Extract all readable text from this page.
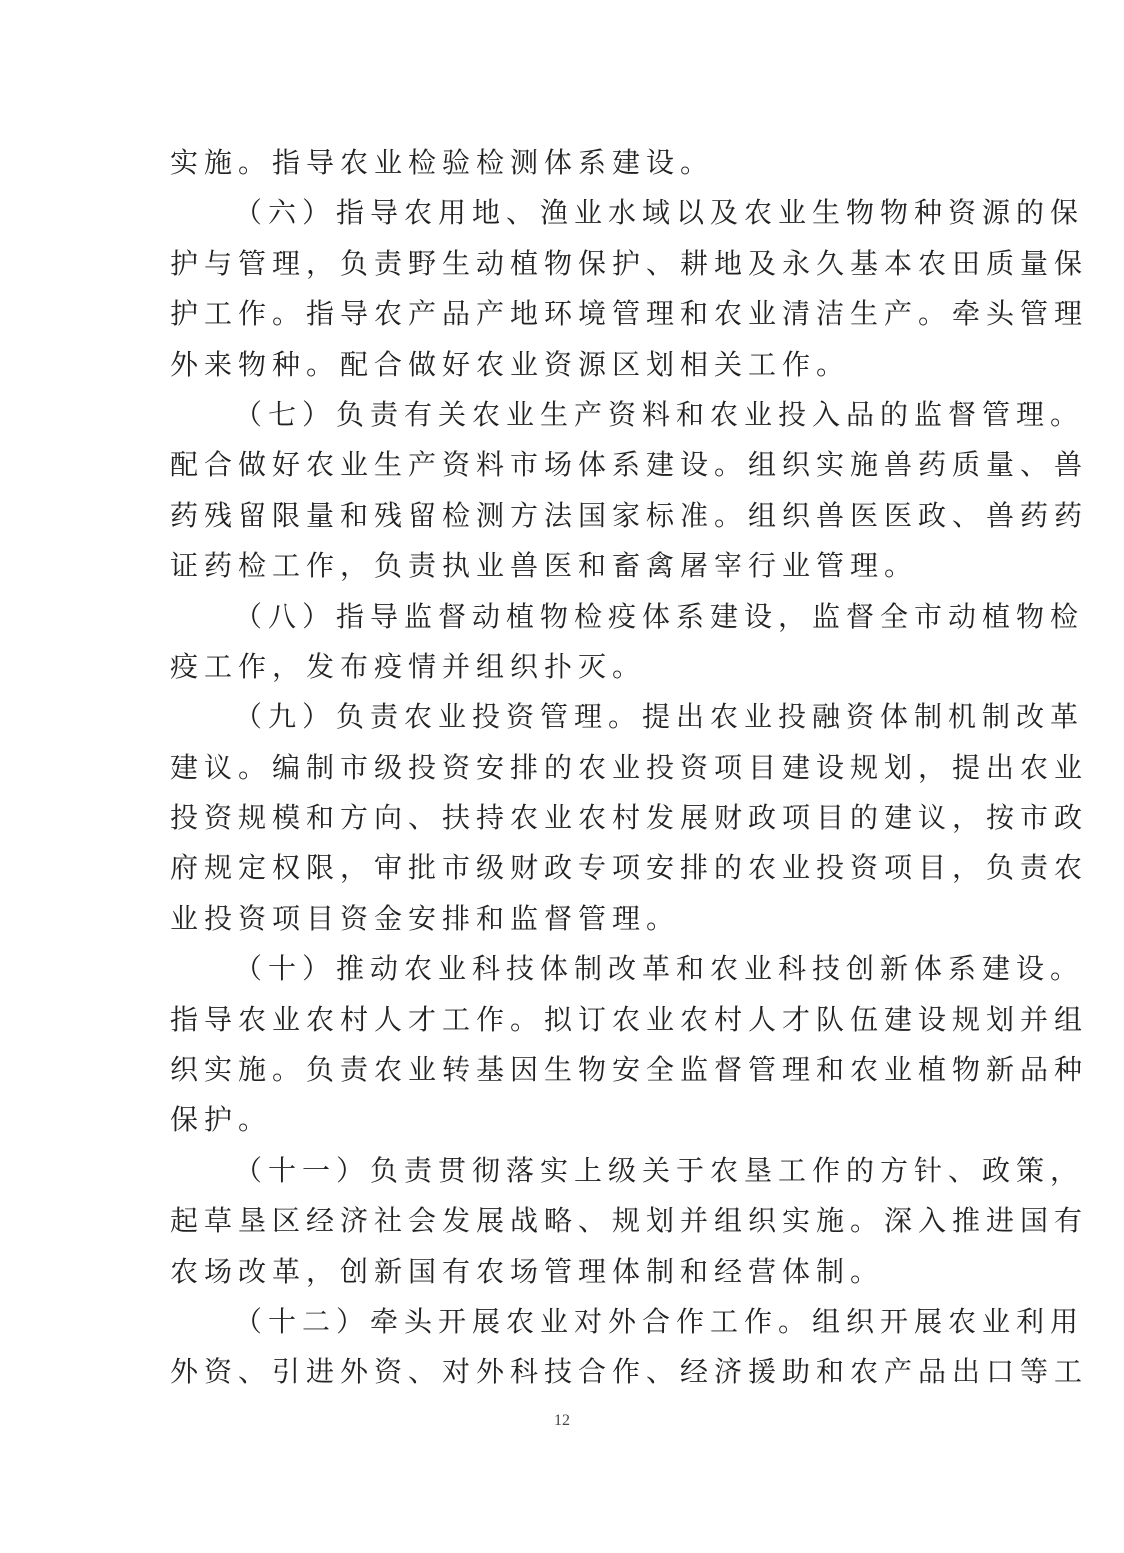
实施。指导农业检验检测体系建设。
（六）指导农用地、渔业水域以及农业生物物种资源的保
护与管理，负责野生动植物保护、耕地及永久基本农田质量保
护工作。指导农产品产地环境管理和农业清洁生产。牵头管理
外来物种。配合做好农业资源区划相关工作。
（七）负责有关农业生产资料和农业投入品的监督管理。
配合做好农业生产资料市场体系建设。组织实施兽药质量、兽
药残留限量和残留检测方法国家标准。组织兽医医政、兽药药
证药检工作，负责执业兽医和畜禽屠宰行业管理。
（八）指导监督动植物检疫体系建设，监督全市动植物检
疫工作，发布疫情并组织扑灭。
（九）负责农业投资管理。提出农业投融资体制机制改革
建议。编制市级投资安排的农业投资项目建设规划，提出农业
投资规模和方向、扶持农业农村发展财政项目的建议，按市政
府规定权限，审批市级财政专项安排的农业投资项目，负责农
业投资项目资金安排和监督管理。
（十）推动农业科技体制改革和农业科技创新体系建设。
指导农业农村人才工作。拟订农业农村人才队伍建设规划并组
织实施。负责农业转基因生物安全监督管理和农业植物新品种
保护。
（十一）负责贯彻落实上级关于农垦工作的方针、政策，
起草垦区经济社会发展战略、规划并组织实施。深入推进国有
农场改革，创新国有农场管理体制和经营体制。
（十二）牵头开展农业对外合作工作。组织开展农业利用
外资、引进外资、对外科技合作、经济援助和农产品出口等工
12
